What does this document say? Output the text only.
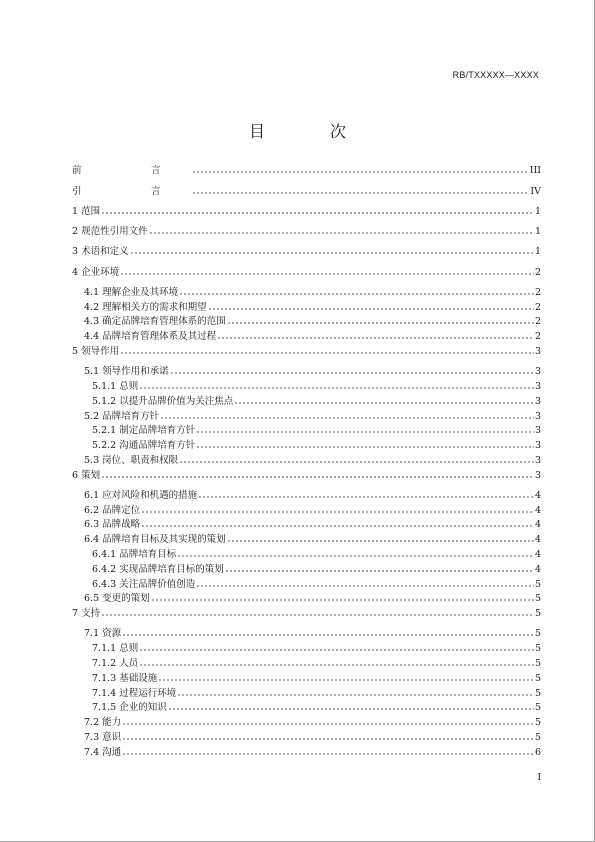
RB/TXXXXX—XXXX
目 次
前　言	III
引　言	IV
1 范围	1
2 规范性引用文件	1
3 术语和定义	1
4 企业环境	2
4.1 理解企业及其环境	2
4.2 理解相关方的需求和期望	2
4.3 确定品牌培育管理体系的范围	2
4.4 品牌培育管理体系及其过程	2
5 领导作用	3
5.1 领导作用和承诺	3
5.1.1 总则	3
5.1.2 以提升品牌价值为关注焦点	3
5.2 品牌培育方针	3
5.2.1 制定品牌培育方针	3
5.2.2 沟通品牌培育方针	3
5.3 岗位、职责和权限	3
6 策划	3
6.1 应对风险和机遇的措施	4
6.2 品牌定位	4
6.3 品牌战略	4
6.4 品牌培育目标及其实现的策划	4
6.4.1 品牌培育目标	4
6.4.2 实现品牌培育目标的策划	4
6.4.3 关注品牌价值创造	5
6.5 变更的策划	5
7 支持	5
7.1 资源	5
7.1.1 总则	5
7.1.2 人员	5
7.1.3 基础设施	5
7.1.4 过程运行环境	5
7.1.5 企业的知识	5
7.2 能力	5
7.3 意识	5
7.4 沟通	6
I
